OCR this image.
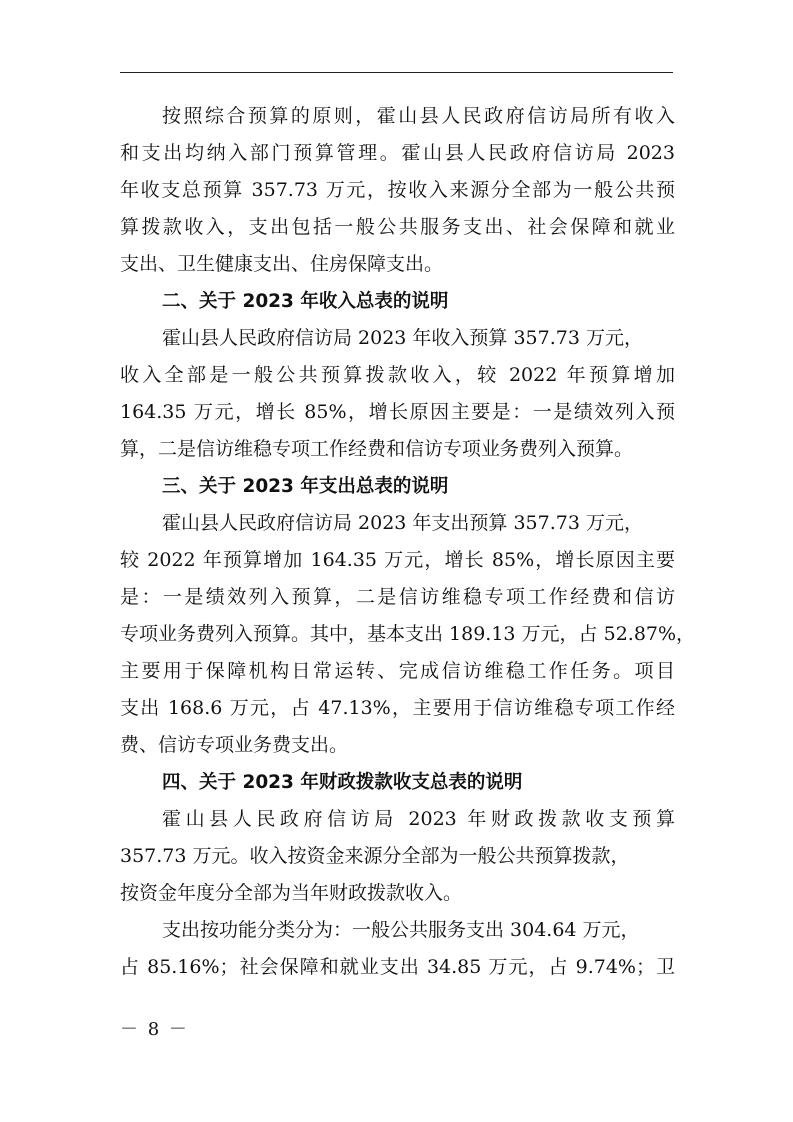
按照综合预算的原则，霍山县人民政府信访局所有收入
和支出均纳入部门预算管理。霍山县人民政府信访局 2023
年收支总预算 357.73 万元，按收入来源分全部为一般公共预
算拨款收入，支出包括一般公共服务支出、社会保障和就业
支出、卫生健康支出、住房保障支出。
二、关于 2023 年收入总表的说明
霍山县人民政府信访局 2023 年收入预算 357.73 万元，
收入全部是一般公共预算拨款收入，较 2022 年预算增加
164.35 万元，增长 85%，增长原因主要是：一是绩效列入预
算，二是信访维稳专项工作经费和信访专项业务费列入预算。
三、关于 2023 年支出总表的说明
霍山县人民政府信访局 2023 年支出预算 357.73 万元，
较 2022 年预算增加 164.35 万元，增长 85%，增长原因主要
是：一是绩效列入预算，二是信访维稳专项工作经费和信访
专项业务费列入预算。其中，基本支出 189.13 万元，占 52.87%，
主要用于保障机构日常运转、完成信访维稳工作任务。项目
支出 168.6 万元，占 47.13%，主要用于信访维稳专项工作经
费、信访专项业务费支出。
四、关于 2023 年财政拨款收支总表的说明
霍山县人民政府信访局 2023 年财政拨款收支预算
357.73 万元。收入按资金来源分全部为一般公共预算拨款，
按资金年度分全部为当年财政拨款收入。
支出按功能分类分为：一般公共服务支出 304.64 万元，
占 85.16%；社会保障和就业支出 34.85 万元，占 9.74%；卫
－ 8 －
